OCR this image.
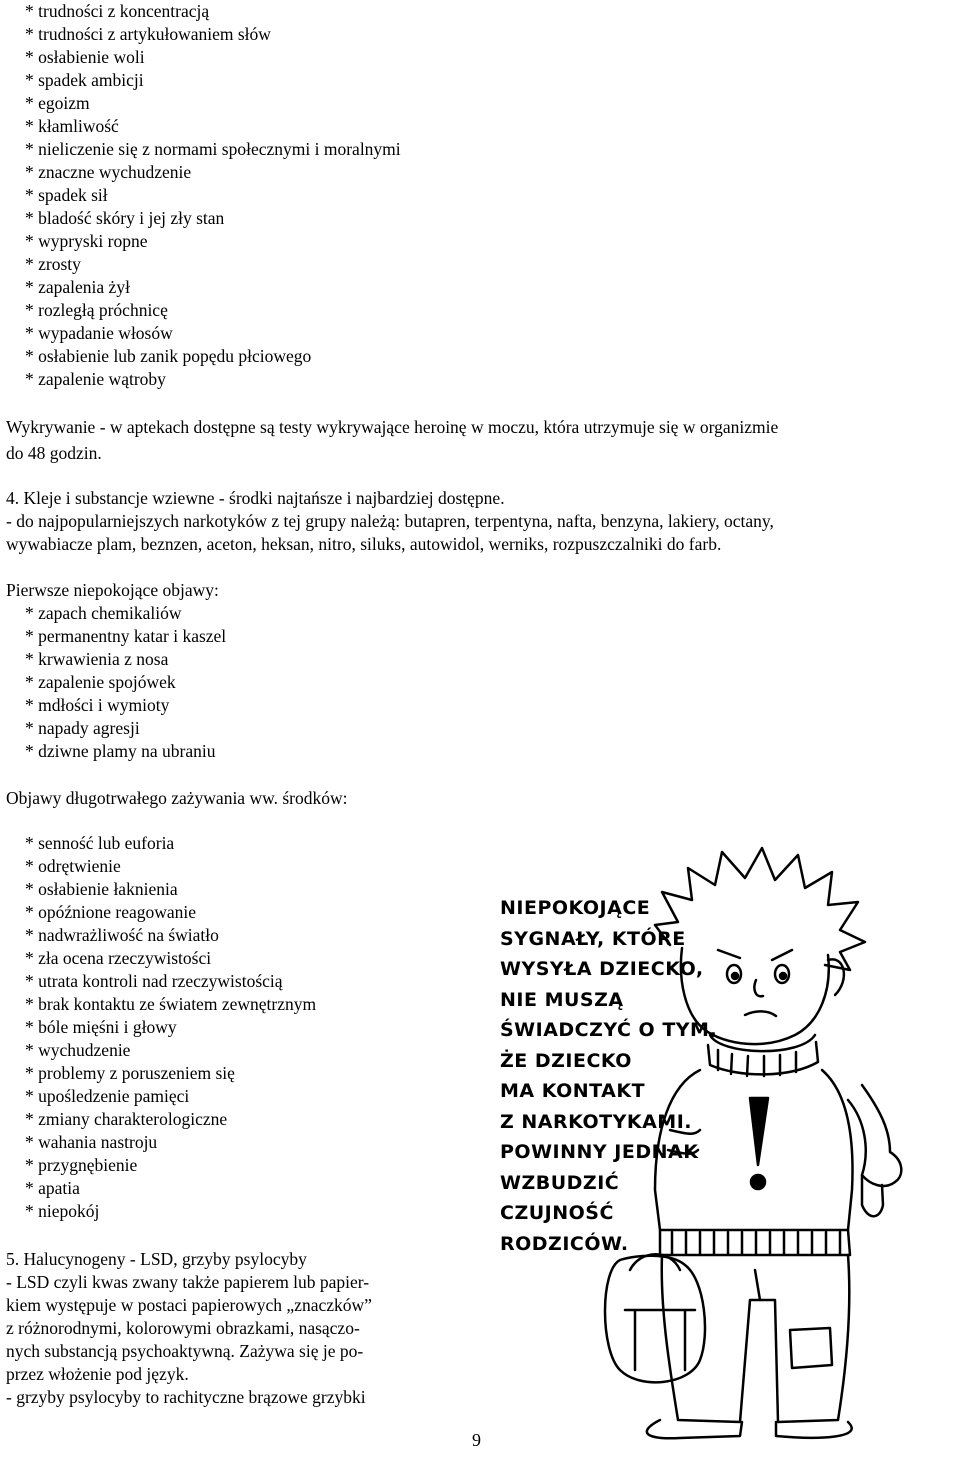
* trudności z koncentracją
* trudności z artykułowaniem słów
* osłabienie woli
* spadek ambicji
* egoizm
* kłamliwość
* nieliczenie się z normami społecznymi i moralnymi
* znaczne wychudzenie
* spadek sił
* bladość skóry i jej zły stan
* wypryski ropne
* zrosty
* zapalenia żył
* rozległą próchnicę
* wypadanie włosów
* osłabienie lub zanik popędu płciowego
* zapalenie wątroby
Wykrywanie - w aptekach dostępne są testy wykrywające heroinę w moczu, która utrzymuje się w organizmie
do 48 godzin.
4. Kleje i substancje wziewne - środki najtańsze i najbardziej dostępne.
- do najpopularniejszych narkotyków z tej grupy należą: butapren, terpentyna, nafta, benzyna, lakiery, octany,
wywabiacze plam, beznzen, aceton, heksan, nitro, siluks, autowidol, werniks, rozpuszczalniki do farb.
Pierwsze niepokojące objawy:
* zapach chemikaliów
* permanentny katar i kaszel
* krwawienia z nosa
* zapalenie spojówek
* mdłości i wymioty
* napady agresji
* dziwne plamy na ubraniu
Objawy długotrwałego zażywania ww. środków:
* senność lub euforia
* odrętwienie
* osłabienie łaknienia
* opóźnione reagowanie
* nadwrażliwość na światło
* zła ocena rzeczywistości
* utrata kontroli nad rzeczywistością
* brak kontaktu ze światem zewnętrznym
* bóle mięśni i głowy
* wychudzenie
* problemy z poruszeniem się
* upośledzenie pamięci
* zmiany charakterologiczne
* wahania nastroju
* przygnębienie
* apatia
* niepokój
5. Halucynogeny - LSD, grzyby psylocyby
- LSD czyli kwas zwany także papierem lub papier-
kiem występuje w postaci papierowych „znaczków”
z różnorodnymi, kolorowymi obrazkami, nasączo-
nych substancją psychoaktywną. Zażywa się je po-
przez włożenie pod język.
- grzyby psylocyby to rachityczne brązowe grzybki
NIEPOKOJĄCE
SYGNAŁY, KTÓRE
WYSYŁA DZIECKO,
NIE MUSZĄ
ŚWIADCZYĆ O TYM,
ŻE DZIECKO
MA KONTAKT
Z NARKOTYKAMI.
POWINNY JEDNAK
WZBUDZIĆ
CZUJNOŚĆ
RODZICÓW.
9
